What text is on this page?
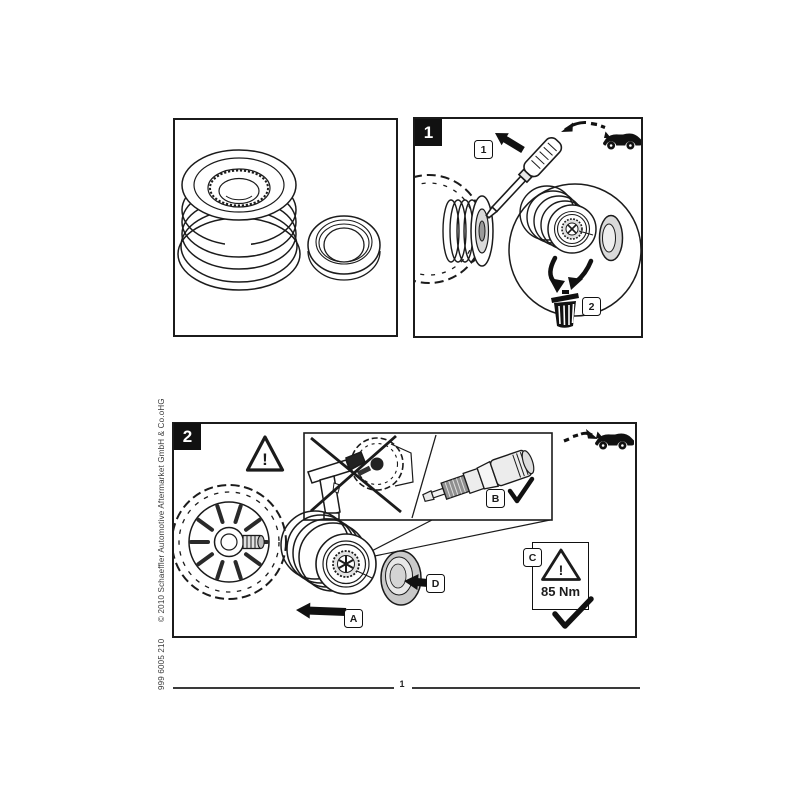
1
2
1
2
A
B
C
D
!
!
85 Nm
999 6005 210
© 2010 Schaeffler Automotive Aftermarket GmbH & Co.oHG
1
